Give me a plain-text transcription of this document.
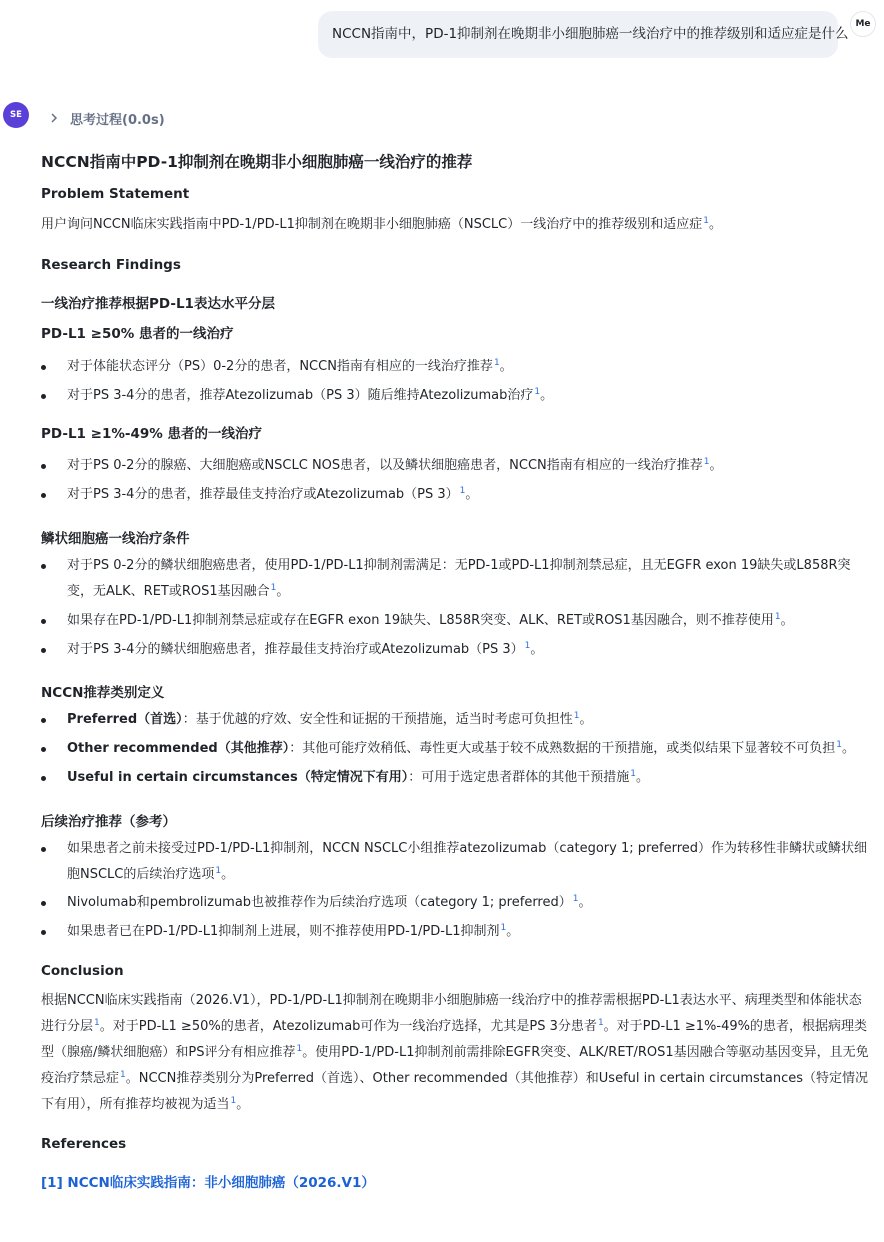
NCCN指南中，PD-1抑制剂在晚期非小细胞肺癌一线治疗中的推荐级别和适应症是什么
Me
SE	思考过程(0.0s)
NCCN指南中PD-1抑制剂在晚期非小细胞肺癌一线治疗的推荐
Problem Statement
用户询问NCCN临床实践指南中PD-1/PD-L1抑制剂在晚期非小细胞肺癌（NSCLC）一线治疗中的推荐级别和适应症$^1$。
Research Findings
一线治疗推荐根据PD-L1表达水平分层
PD-L1 ≥50% 患者的一线治疗
对于体能状态评分（PS）0-2分的患者，NCCN指南有相应的一线治疗推荐$^1$。
对于PS 3-4分的患者，推荐Atezolizumab（PS 3）随后维持Atezolizumab治疗$^1$。
PD-L1 ≥1%-49% 患者的一线治疗
对于PS 0-2分的腺癌、大细胞癌或NSCLC NOS患者，以及鳞状细胞癌患者，NCCN指南有相应的一线治疗推荐$^1$。
对于PS 3-4分的患者，推荐最佳支持治疗或Atezolizumab（PS 3）$^1$。
鳞状细胞癌一线治疗条件
对于PS 0-2分的鳞状细胞癌患者，使用PD-1/PD-L1抑制剂需满足：无PD-1或PD-L1抑制剂禁忌症，且无EGFR exon 19缺失或L858R突变，无ALK、RET或ROS1基因融合$^1$。
如果存在PD-1/PD-L1抑制剂禁忌症或存在EGFR exon 19缺失、L858R突变、ALK、RET或ROS1基因融合，则不推荐使用$^1$。
对于PS 3-4分的鳞状细胞癌患者，推荐最佳支持治疗或Atezolizumab（PS 3）$^1$。
NCCN推荐类别定义
Preferred（首选）：基于优越的疗效、安全性和证据的干预措施，适当时考虑可负担性$^1$。
Other recommended（其他推荐）：其他可能疗效稍低、毒性更大或基于较不成熟数据的干预措施，或类似结果下显著较不可负担$^1$。
Useful in certain circumstances（特定情况下有用）：可用于选定患者群体的其他干预措施$^1$。
后续治疗推荐（参考）
如果患者之前未接受过PD-1/PD-L1抑制剂，NCCN NSCLC小组推荐atezolizumab（category 1; preferred）作为转移性非鳞状或鳞状细胞NSCLC的后续治疗选项$^1$。
Nivolumab和pembrolizumab也被推荐作为后续治疗选项（category 1; preferred）$^1$。
如果患者已在PD-1/PD-L1抑制剂上进展，则不推荐使用PD-1/PD-L1抑制剂$^1$。
Conclusion
根据NCCN临床实践指南（2026.V1），PD-1/PD-L1抑制剂在晚期非小细胞肺癌一线治疗中的推荐需根据PD-L1表达水平、病理类型和体能状态进行分层$^1$。对于PD-L1 ≥50%的患者，Atezolizumab可作为一线治疗选择，尤其是PS 3分患者$^1$。对于PD-L1 ≥1%-49%的患者，根据病理类型（腺癌/鳞状细胞癌）和PS评分有相应推荐$^1$。使用PD-1/PD-L1抑制剂前需排除EGFR突变、ALK/RET/ROS1基因融合等驱动基因变异，且无免疫治疗禁忌症$^1$。NCCN推荐类别分为Preferred（首选）、Other recommended（其他推荐）和Useful in certain circumstances（特定情况下有用），所有推荐均被视为适当$^1$。
References
[1] NCCN临床实践指南：非小细胞肺癌（2026.V1）
